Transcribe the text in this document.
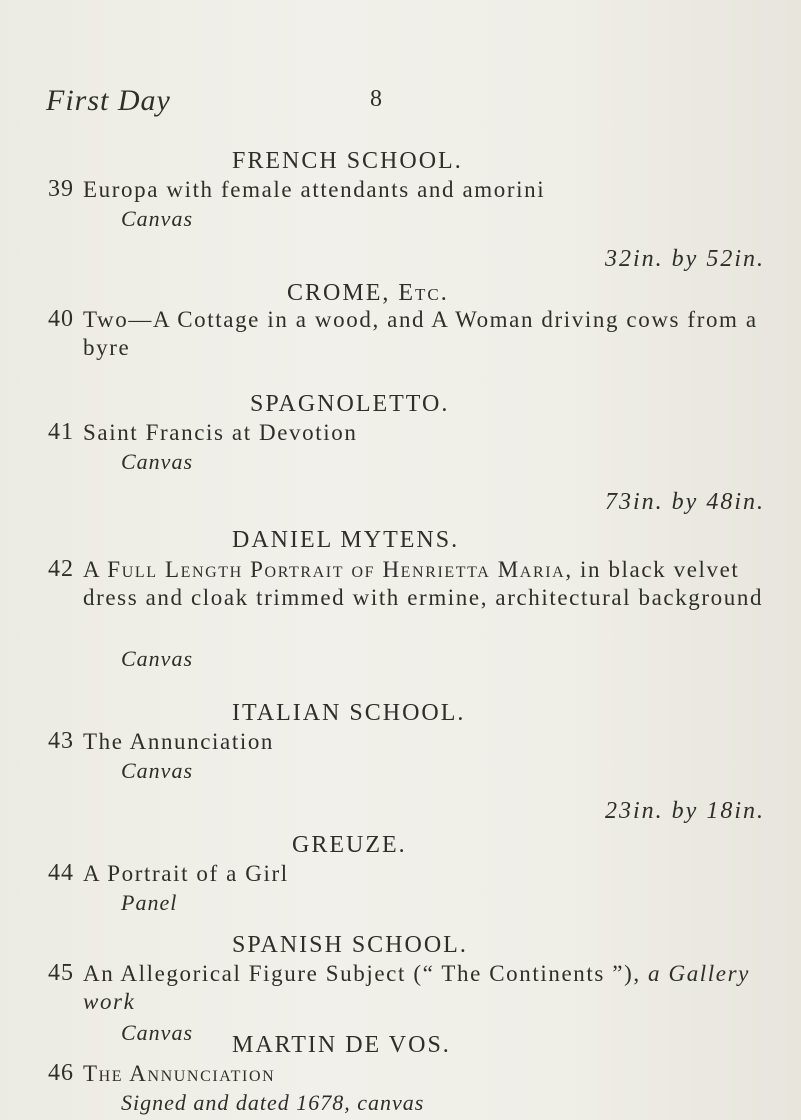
First Day	8
FRENCH SCHOOL.
39 Europa with female attendants and amorini
Canvas
32in. by 52in.
CROME, Etc.
40 Two—A Cottage in a wood, and A Woman driving cows from a byre
SPAGNOLETTO.
41 Saint Francis at Devotion
Canvas
73in. by 48in.
DANIEL MYTENS.
42 A Full Length Portrait of Henrietta Maria, in black velvet dress and cloak trimmed with ermine, architectural background
Canvas
ITALIAN SCHOOL.
43 The Annunciation
Canvas
23in. by 18in.
GREUZE.
44 A Portrait of a Girl
Panel
SPANISH SCHOOL.
45 An Allegorical Figure Subject (“ The Continents ”), a Gallery work
Canvas MARTIN DE VOS.
46 The Annunciation
Signed and dated 1678, canvas
